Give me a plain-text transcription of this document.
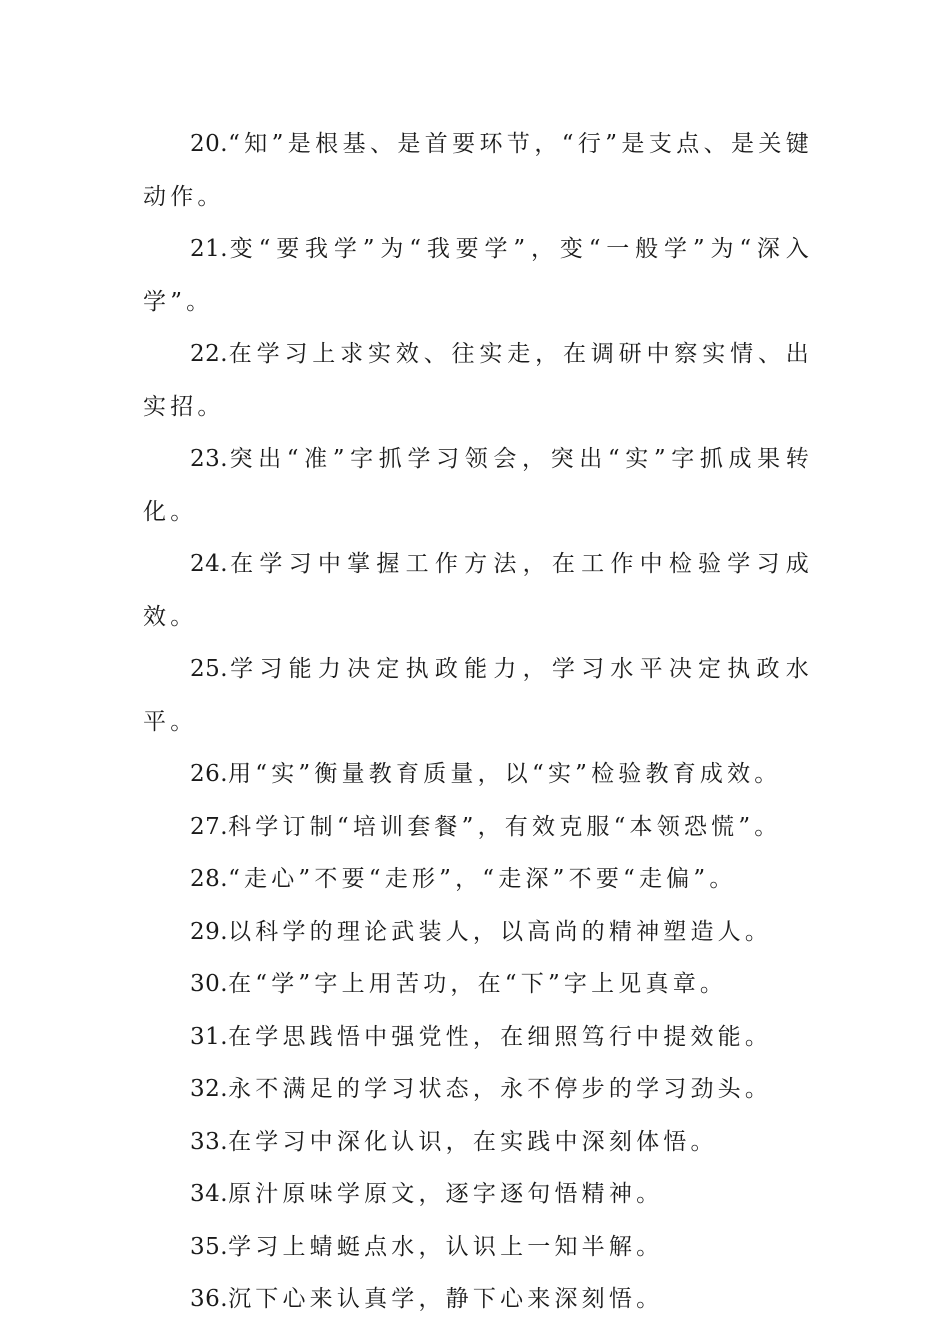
20.“知”是根基、是首要环节，“行”是支点、是关键动作。

21.变“要我学”为“我要学”，变“一般学”为“深入学”。

22.在学习上求实效、往实走，在调研中察实情、出实招。

23.突出“准”字抓学习领会，突出“实”字抓成果转化。

24.在学习中掌握工作方法，在工作中检验学习成效。

25.学习能力决定执政能力，学习水平决定执政水平。

26.用“实”衡量教育质量，以“实”检验教育成效。

27.科学订制“培训套餐”，有效克服“本领恐慌”。

28.“走心”不要“走形”，“走深”不要“走偏”。

29.以科学的理论武装人，以高尚的精神塑造人。

30.在“学”字上用苦功，在“下”字上见真章。

31.在学思践悟中强党性，在细照笃行中提效能。

32.永不满足的学习状态，永不停步的学习劲头。

33.在学习中深化认识，在实践中深刻体悟。

34.原汁原味学原文，逐字逐句悟精神。

35.学习上蜻蜓点水，认识上一知半解。

36.沉下心来认真学，静下心来深刻悟。
